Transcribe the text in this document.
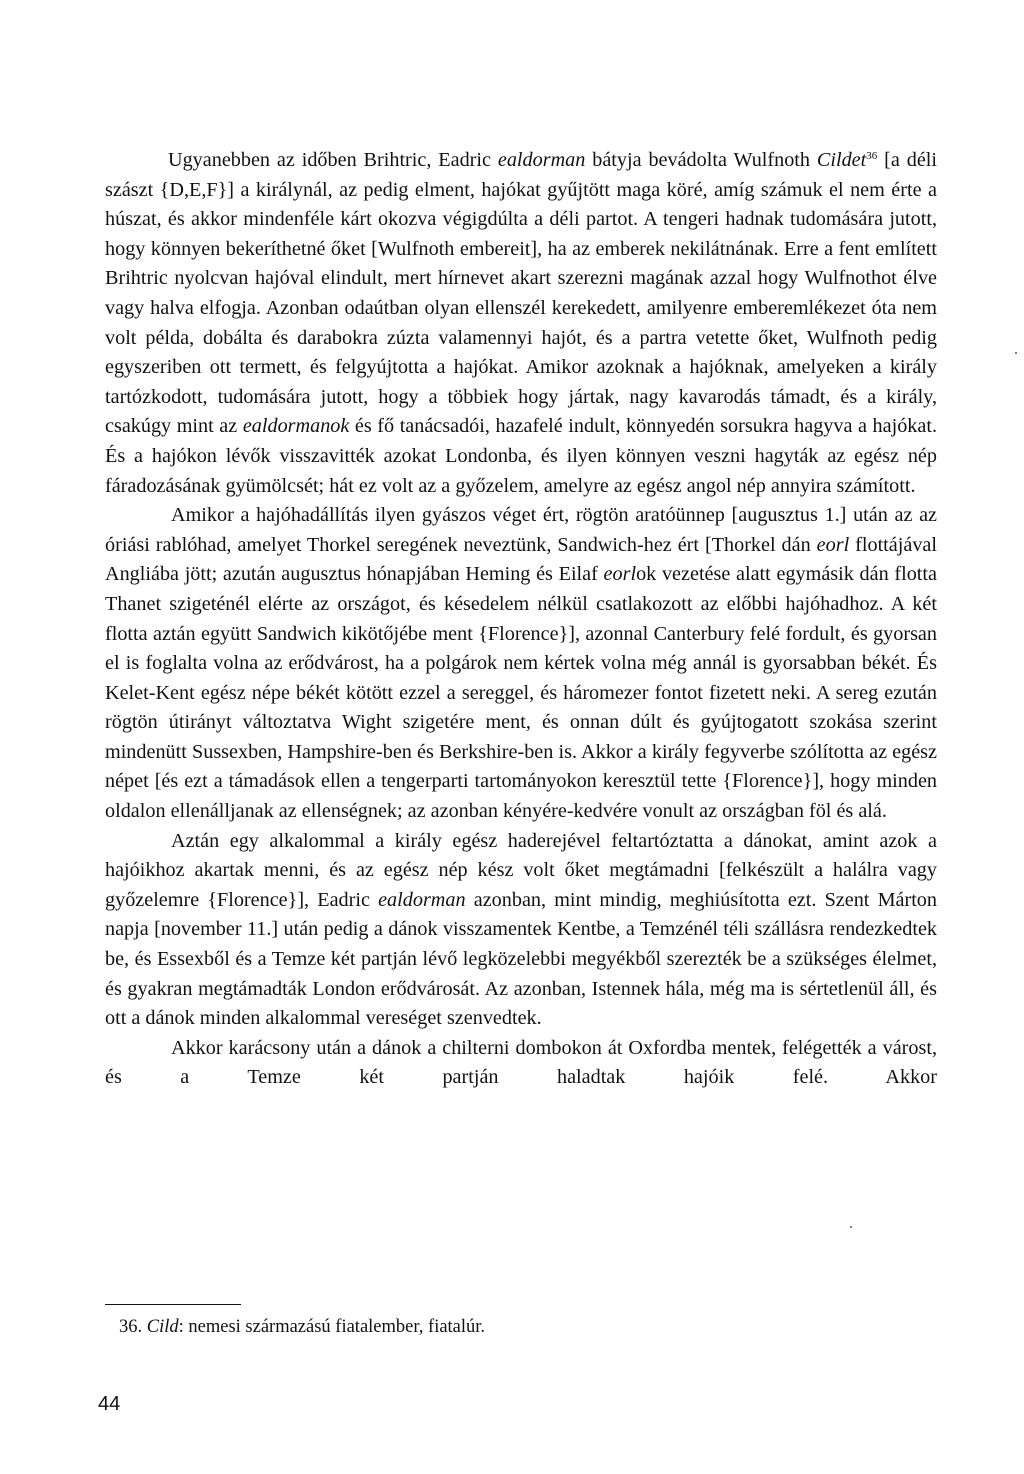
Ugyanebben az időben Brihtric, Eadric ealdorman bátyja bevádolta Wulfnoth Cildet$^{36}$ [a déli szászt {D,E,F}] a királynál, az pedig elment, hajókat gyűjtött maga köré, amíg számuk el nem érte a húszat, és akkor mindenféle kárt okozva végigdúlta a déli partot. A tengeri hadnak tudomására jutott, hogy könnyen bekeríthetné őket [Wulfnoth embereit], ha az emberek nekilátnának. Erre a fent említett Brihtric nyolcvan hajóval elindult, mert hírnevet akart szerezni magának azzal hogy Wulfnothot élve vagy halva elfogja. Azonban odaútban olyan ellenszél kerekedett, amilyenre emberemlékezet óta nem volt példa, dobálta és darabokra zúzta valamennyi hajót, és a partra vetette őket, Wulfnoth pedig egyszeriben ott termett, és felgyújtotta a hajókat. Amikor azoknak a hajóknak, amelyeken a király tartózkodott, tudomására jutott, hogy a többiek hogy jártak, nagy kavarodás támadt, és a király, csakúgy mint az ealdormanok és fő tanácsadói, hazafelé indult, könnyedén sorsukra hagyva a hajókat. És a hajókon lévők visszavitték azokat Londonba, és ilyen könnyen veszni hagyták az egész nép fáradozásának gyümölcsét; hát ez volt az a győzelem, amelyre az egész angol nép annyira számított.

Amikor a hajóhadállítás ilyen gyászos véget ért, rögtön aratóünnep [augusztus 1.] után az az óriási rablóhad, amelyet Thorkel seregének neveztünk, Sandwich-hez ért [Thorkel dán eorl flottájával Angliába jött; azután augusztus hónapjában Heming és Eilaf eorlok vezetése alatt egymásik dán flotta Thanet szigeténél elérte az országot, és késedelem nélkül csatlakozott az előbbi hajóhadhoz. A két flotta aztán együtt Sandwich kikötőjébe ment {Florence}], azonnal Canterbury felé fordult, és gyorsan el is foglalta volna az erődvárost, ha a polgárok nem kértek volna még annál is gyorsabban békét. És Kelet-Kent egész népe békét kötött ezzel a sereggel, és háromezer fontot fizetett neki. A sereg ezután rögtön útirányt változtatva Wight szigetére ment, és onnan dúlt és gyújtogatott szokása szerint mindenütt Sussexben, Hampshire-ben és Berkshire-ben is. Akkor a király fegyverbe szólította az egész népet [és ezt a támadások ellen a tengerparti tartományokon keresztül tette {Florence}], hogy minden oldalon ellenálljanak az ellenségnek; az azonban kényére-kedvére vonult az országban föl és alá.

Aztán egy alkalommal a király egész haderejével feltartóztatta a dánokat, amint azok a hajóikhoz akartak menni, és az egész nép kész volt őket megtámadni [felkészült a halálra vagy győzelemre {Florence}], Eadric ealdorman azonban, mint mindig, meghiúsította ezt. Szent Márton napja [november 11.] után pedig a dánok visszamentek Kentbe, a Temzénél téli szállásra rendezkedtek be, és Essexből és a Temze két partján lévő legközelebbi megyékből szerezték be a szükséges élelmet, és gyakran megtámadták London erődvárosát. Az azonban, Istennek hála, még ma is sértetlenül áll, és ott a dánok minden alkalommal vereséget szenvedtek.

Akkor karácsony után a dánok a chilterni dombokon át Oxfordba mentek, felégették a várost, és a Temze két partján haladtak hajóik felé. Akkor

36. Cild: nemesi származású fiatalember, fiatalúr.
44
